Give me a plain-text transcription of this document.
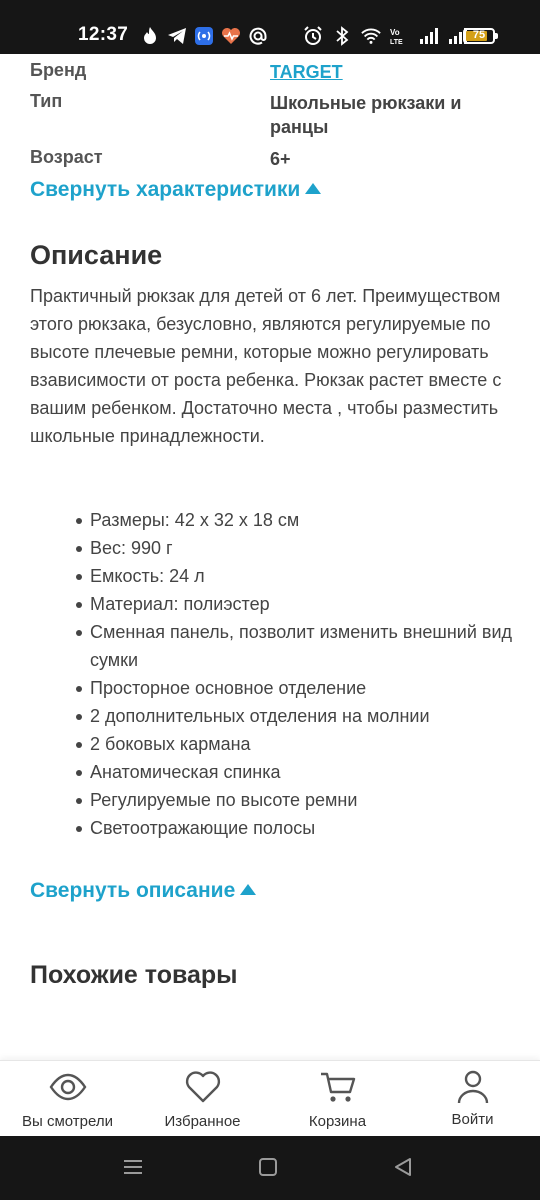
12:37	Vo
LTE
75
Бренд	TARGET
Тип	Школьные рюкзаки и ранцы
Возраст	6+
Свернуть характеристики
Описание
Практичный рюкзак для детей от 6 лет. Преимуществом этого рюкзака, безусловно, являются регулируемые по высоте плечевые ремни, которые можно регулировать взависимости от роста ребенка. Рюкзак растет вместе с вашим ребенком. Достаточно места , чтобы разместить школьные принадлежности.
Размеры: 42 x 32 x 18 см
Вес: 990 г
Емкость: 24 л
Материал: полиэстер
Сменная панель, позволит изменить внешний вид сумки
Просторное основное отделение
2 дополнительных отделения на молнии
2 боковых кармана
Анатомическая спинка
Регулируемые по высоте ремни
Светоотражающие полосы
Свернуть описание
Похожие товары
Вы смотрели	Избранное	Корзина	Войти
